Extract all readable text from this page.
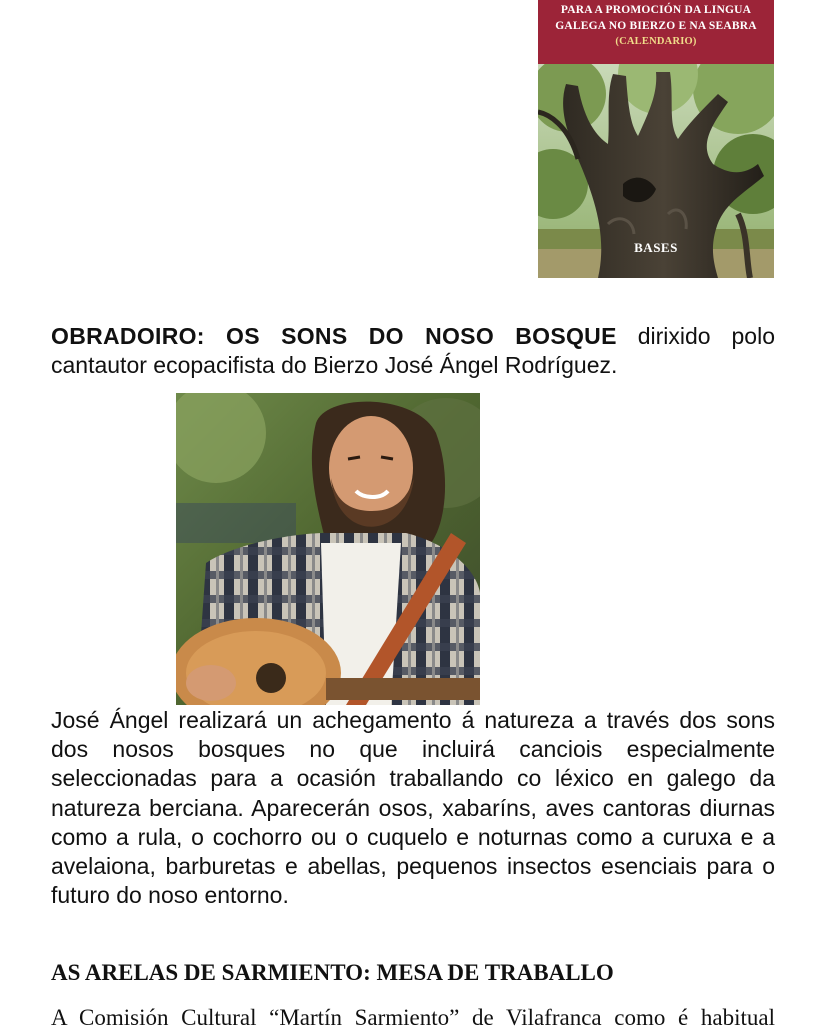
PARA A PROMOCIÓN DA LINGUA
GALEGA NO BIERZO E NA SEABRA
(CALENDARIO)
BASES

OBRADOIRO: OS SONS DO NOSO BOSQUE dirixido polo cantautor ecopacifista do Bierzo José Ángel Rodríguez.

José Ángel realizará un achegamento á natureza a través dos sons dos nosos bosques no que incluirá canciois especialmente seleccionadas para a ocasión traballando co léxico en galego da natureza berciana. Aparecerán osos, xabaríns, aves cantoras diurnas como a rula, o cochorro ou o cuquelo e noturnas como a curuxa e a avelaiona, barburetas e abellas, pequenos insectos esenciais para o futuro do noso entorno.

AS ARELAS DE SARMIENTO: MESA DE TRABALLO

A Comisión Cultural “Martín Sarmiento” de Vilafranca como é habitual
